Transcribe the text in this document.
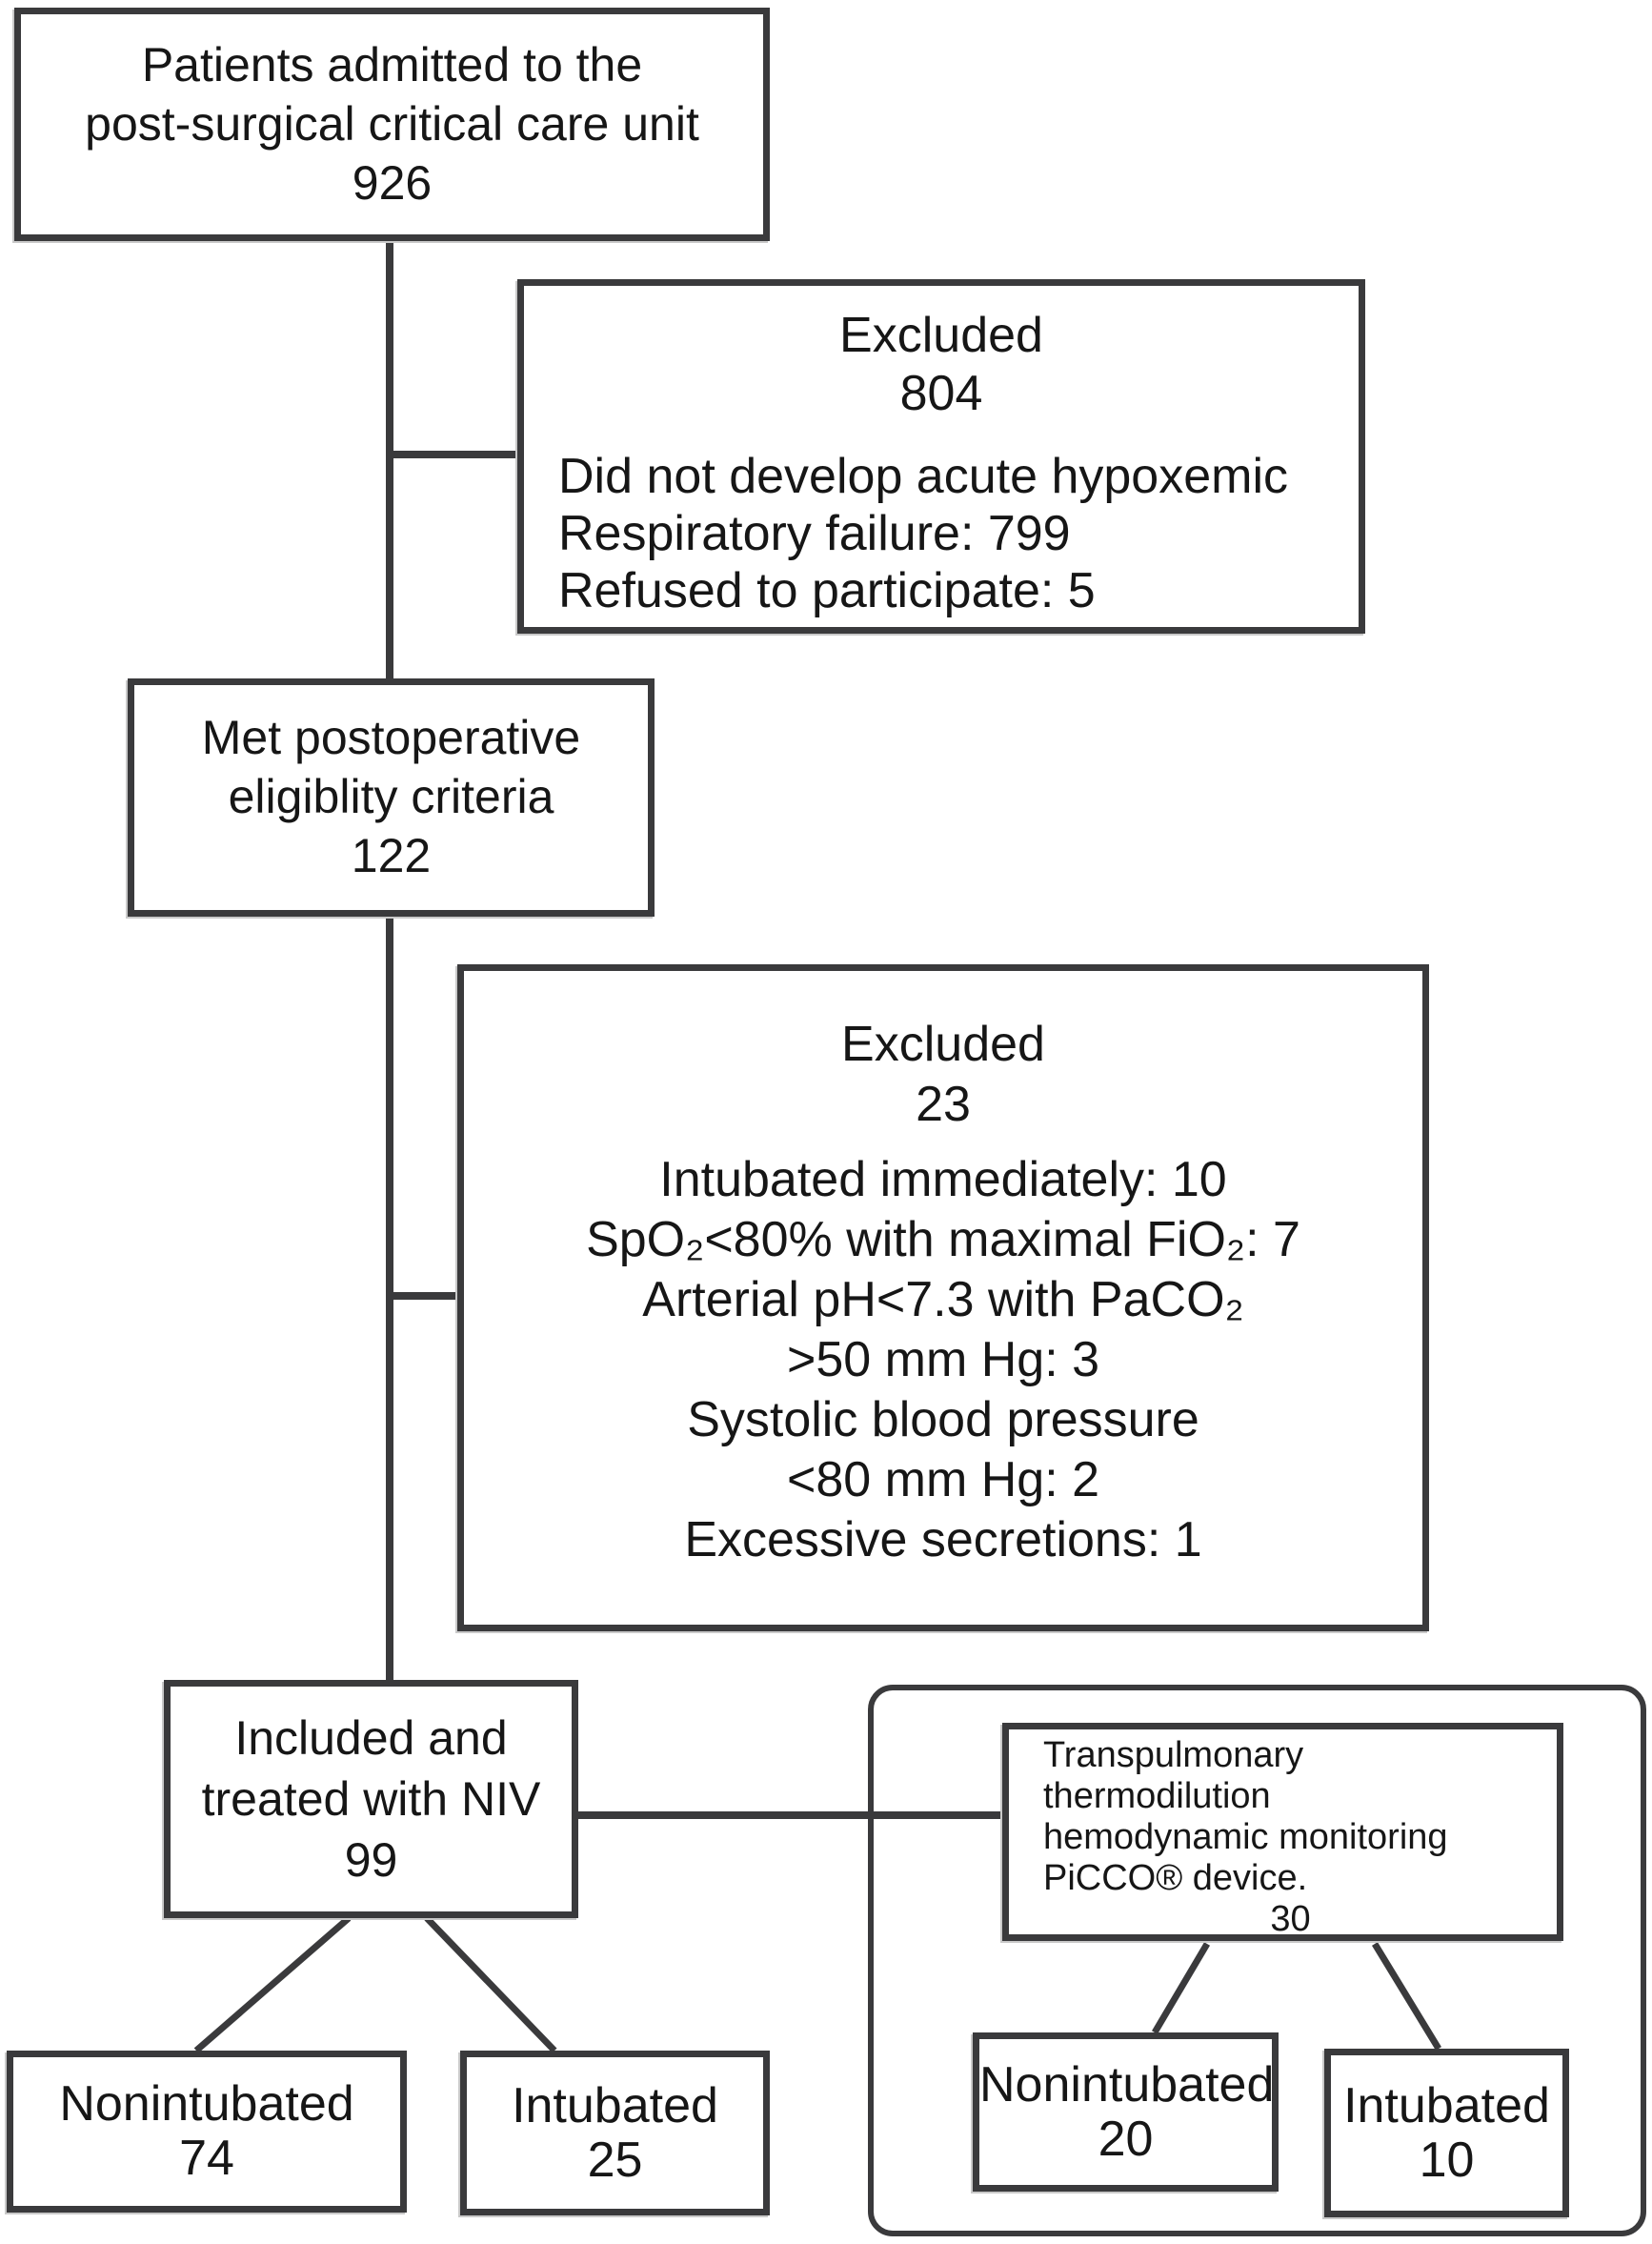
Patients admitted to the
post-surgical critical care unit
926
Excluded
804
Did not develop acute hypoxemic
Respiratory failure: 799
Refused to participate: 5
Met postoperative
eligiblity criteria
122
Excluded
23
Intubated immediately: 10
SpO₂<80% with maximal FiO₂: 7
Arterial pH<7.3 with PaCO₂
>50 mm Hg: 3
Systolic blood pressure
<80 mm Hg: 2
Excessive secretions: 1
Included and
treated with NIV
99
Transpulmonary
thermodilution
hemodynamic monitoring
PiCCO® device.
30
Nonintubated
74
Intubated
25
Nonintubated
20
Intubated
10
